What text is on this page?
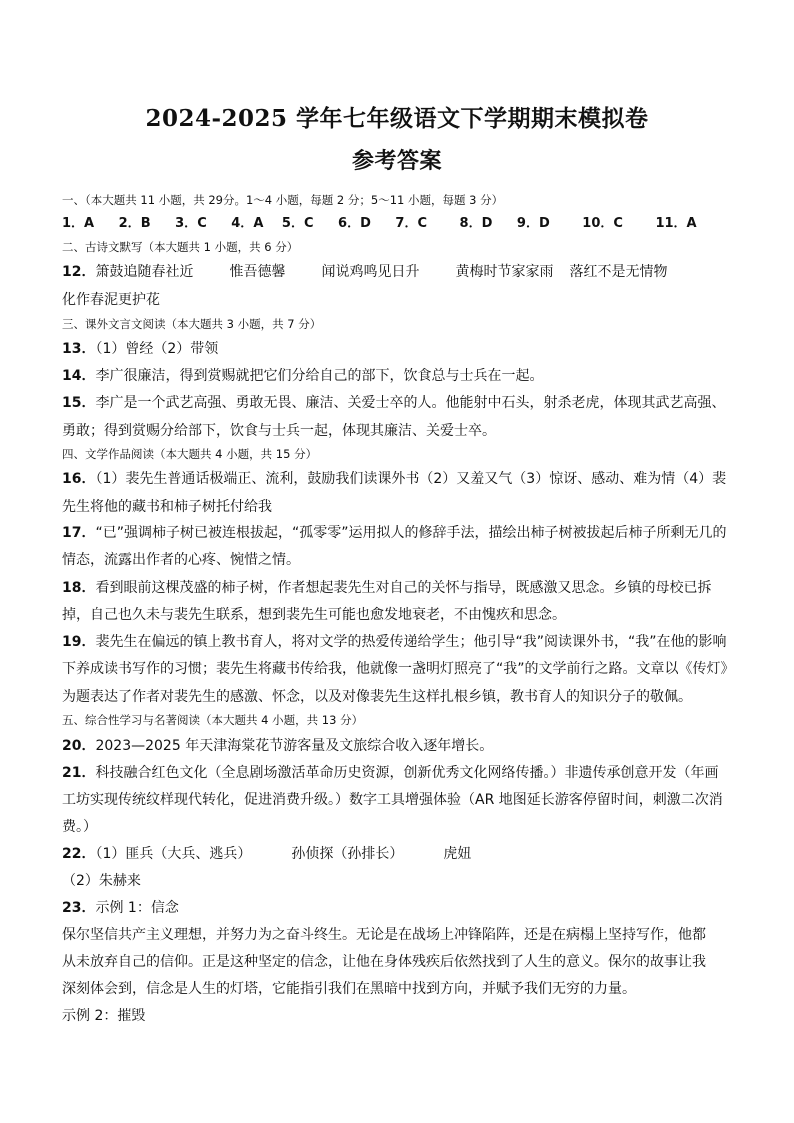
2024-2025 学年七年级语文下学期期末模拟卷
参考答案
一、（本大题共 11 小题，共 29分。1～4 小题，每题 2 分；5～11 小题，每题 3 分）
1．A 2．B 3．C 4．A 5．C 6．D 7．C	8．D 9．D	10．C	11．A
二、古诗文默写（本大题共 1 小题，共 6 分）
12．箫鼓追随春社近	惟吾德馨	闻说鸡鸣见日升	黄梅时节家家雨 落红不是无情物
化作春泥更护花
三、课外文言文阅读（本大题共 3 小题，共 7 分）
13．（1）曾经（2）带领
14．李广很廉洁，得到赏赐就把它们分给自己的部下，饮食总与士兵在一起。
15．李广是一个武艺高强、勇敢无畏、廉洁、关爱士卒的人。他能射中石头，射杀老虎，体现其武艺高强、
勇敢；得到赏赐分给部下，饮食与士兵一起，体现其廉洁、关爱士卒。
四、文学作品阅读（本大题共 4 小题，共 15 分）
16．（1）裴先生普通话极端正、流利，鼓励我们读课外书（2）又羞又气（3）惊讶、感动、难为情（4）裴
先生将他的藏书和柿子树托付给我
17．“已”强调柿子树已被连根拔起，“孤零零”运用拟人的修辞手法，描绘出柿子树被拔起后柿子所剩无几的
情态，流露出作者的心疼、惋惜之情。
18．看到眼前这棵茂盛的柿子树，作者想起裴先生对自己的关怀与指导，既感激又思念。乡镇的母校已拆
掉，自己也久未与裴先生联系，想到裴先生可能也愈发地衰老，不由愧疚和思念。
19．裴先生在偏远的镇上教书育人，将对文学的热爱传递给学生；他引导“我”阅读课外书，“我”在他的影响
下养成读书写作的习惯；裴先生将藏书传给我，他就像一盏明灯照亮了“我”的文学前行之路。文章以《传灯》
为题表达了作者对裴先生的感激、怀念，以及对像裴先生这样扎根乡镇，教书育人的知识分子的敬佩。
五、综合性学习与名著阅读（本大题共 4 小题，共 13 分）
20．2023—2025 年天津海棠花节游客量及文旅综合收入逐年增长。
21．科技融合红色文化（全息剧场激活革命历史资源，创新优秀文化网络传播。）非遗传承创意开发（年画
工坊实现传统纹样现代转化，促进消费升级。）数字工具增强体验（AR 地图延长游客停留时间，刺激二次消
费。）
22．（1）匪兵（大兵、逃兵）	孙侦探（孙排长）	虎妞
（2）朱赫来
23．示例 1：信念
保尔坚信共产主义理想，并努力为之奋斗终生。无论是在战场上冲锋陷阵，还是在病榻上坚持写作，他都
从未放弃自己的信仰。正是这种坚定的信念，让他在身体残疾后依然找到了人生的意义。保尔的故事让我
深刻体会到，信念是人生的灯塔，它能指引我们在黑暗中找到方向，并赋予我们无穷的力量。
示例 2：摧毁
